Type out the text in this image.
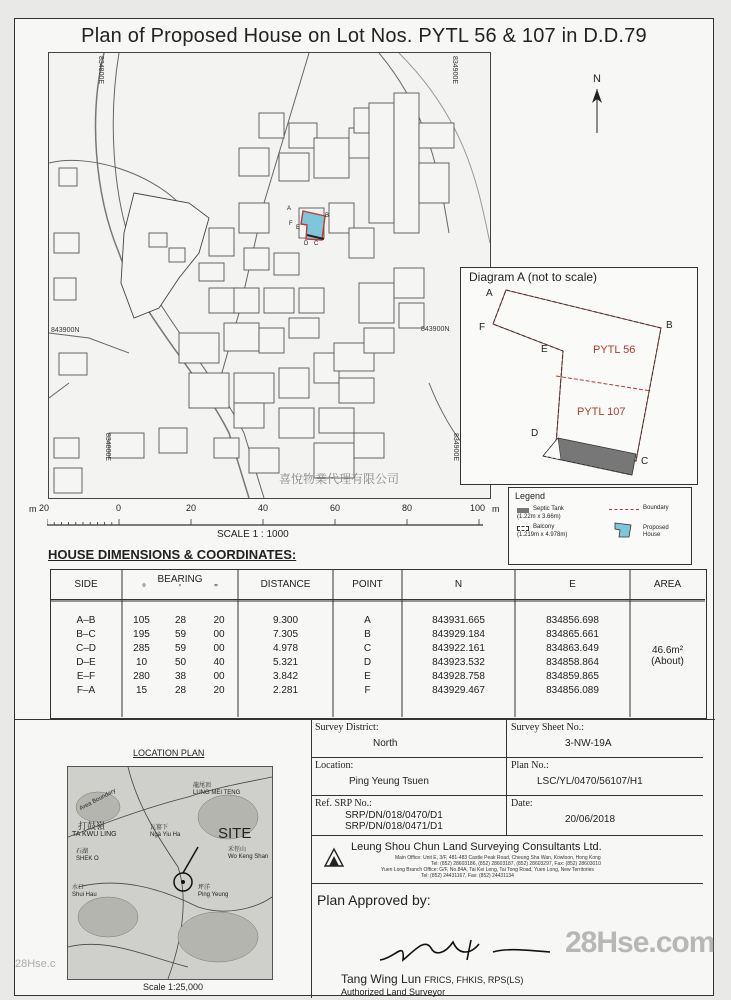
Plan of Proposed House on Lot Nos. PYTL 56 & 107 in D.D.79
834800E	834900E
843900N	843900N
834800E	834900E
A
B
C
D
E
F
喜悅物業代理有限公司
N
Diagram A (not to scale)
A
B
C
D
E
F
PYTL 56
PYTL 107
Legend
Septic Tank
(1.22m x 3.66m)
Balcony
(1.219m x 4.978m)
Boundary
Proposed House
m 20	0	20	40	60	80	100 m
SCALE 1 : 1000
HOUSE DIMENSIONS & COORDINATES:
SIDE	BEARING
° ' "			DISTANCE	POINT	N	E	AREA

A–B	105	28	20	9.300	A	843931.665	834856.698	46.6m²
(About)
B–C	195	59	00	7.305	B	843929.184	834865.661	
C–D	285	59	00	4.978	C	843922.161	834863.649	
D–E	10	50	40	5.321	D	843923.532	834858.864	
E–F	280	38	00	3.842	E	843928.758	834859.865	
F–A	15	28	20	2.281	F	843929.467	834856.089	
LOCATION PLAN
龍尾頂
LUNG MEI TENG
Area Boundary
打鼓嶺
TA KWU LING
瓦窰下
Ngà Yiu Ha	SITE
禾徑山
Wo Keng Shan
石湖
SHEK O
水口
Shui Hau
坪洋
Ping Yeung
Scale 1:25,000
Survey District:
North
Survey Sheet No.:
3-NW-19A
Location:
Ping Yeung Tsuen
Plan No.:
LSC/YL/0470/56107/H1
Ref. SRP No.:
SRP/DN/018/0470/D1
SRP/DN/018/0471/D1
Date:
20/06/2018
Leung Shou Chun Land Surveying Consultants Ltd.
Main Office: Unit E, 3/F, 481-483 Castle Peak Road, Cheung Sha Wan, Kowloon, Hong Kong
Tel: (852) 28603186, (852) 28603187, (852) 28603297, Fax: (852) 28603010
Yuen Long Branch Office: G/F, No.84A, Tai Kei Leng, Tai Tong Road, Yuen Long, New Territories
Tel: (852) 24431167, Fax: (852) 24431134
Plan Approved by:
Tang Wing Lun FRICS, FHKIS, RPS(LS)
Authorized Land Surveyor
28Hse.com
28Hse.c
